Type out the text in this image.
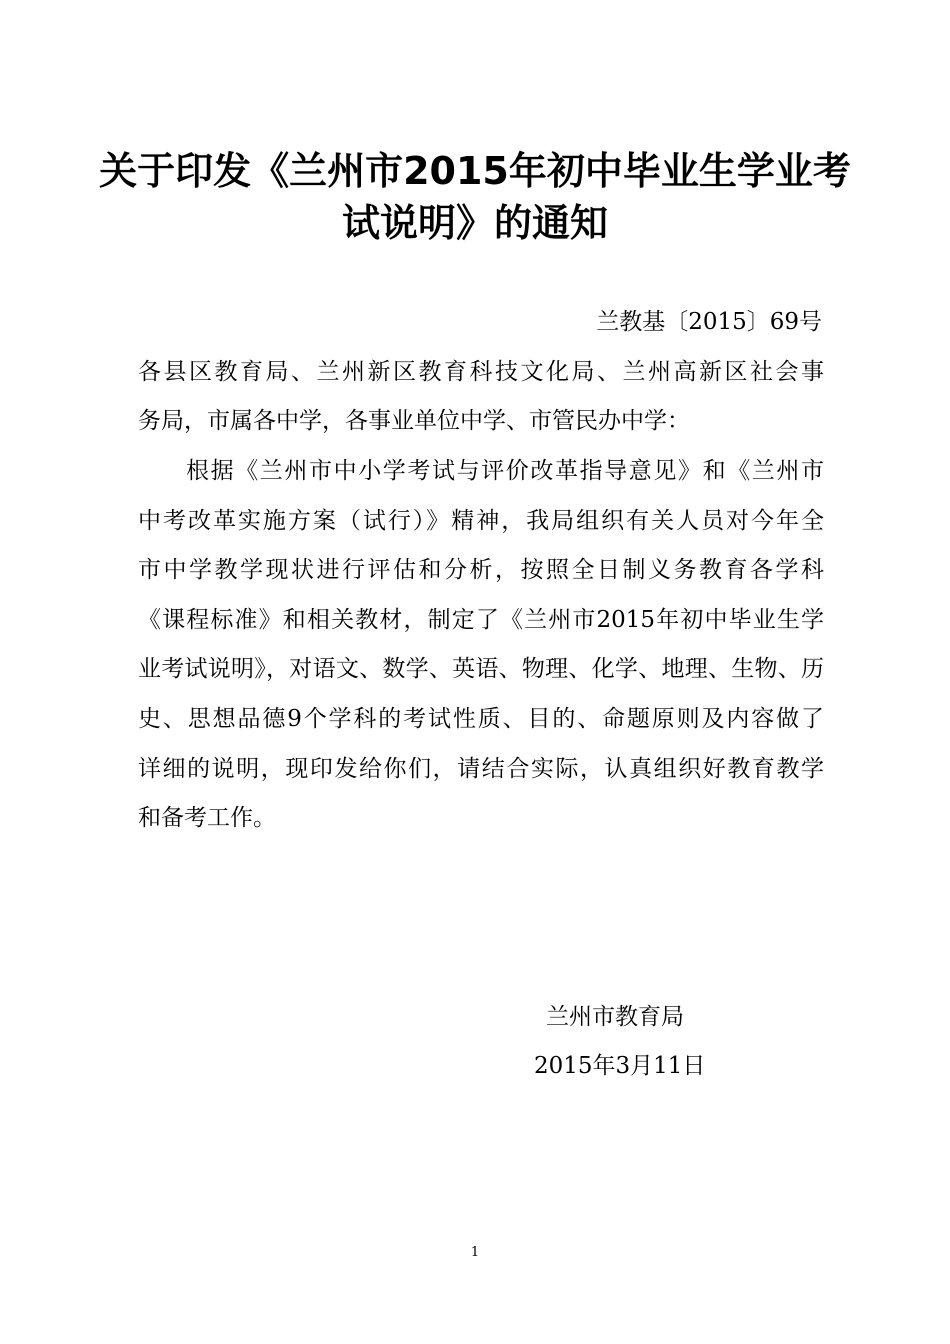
关于印发《兰州市2015年初中毕业生学业考
试说明》的通知
兰教基〔2015〕69号
各县区教育局、兰州新区教育科技文化局、兰州高新区社会事
务局，市属各中学，各事业单位中学、市管民办中学：
根据《兰州市中小学考试与评价改革指导意见》和《兰州市
中考改革实施方案（试行）》精神，我局组织有关人员对今年全
市中学教学现状进行评估和分析，按照全日制义务教育各学科
《课程标准》和相关教材，制定了《兰州市2015年初中毕业生学
业考试说明》，对语文、数学、英语、物理、化学、地理、生物、历
史、思想品德9个学科的考试性质、目的、命题原则及内容做了
详细的说明，现印发给你们，请结合实际，认真组织好教育教学
和备考工作。
兰州市教育局
2015年3月11日
1
